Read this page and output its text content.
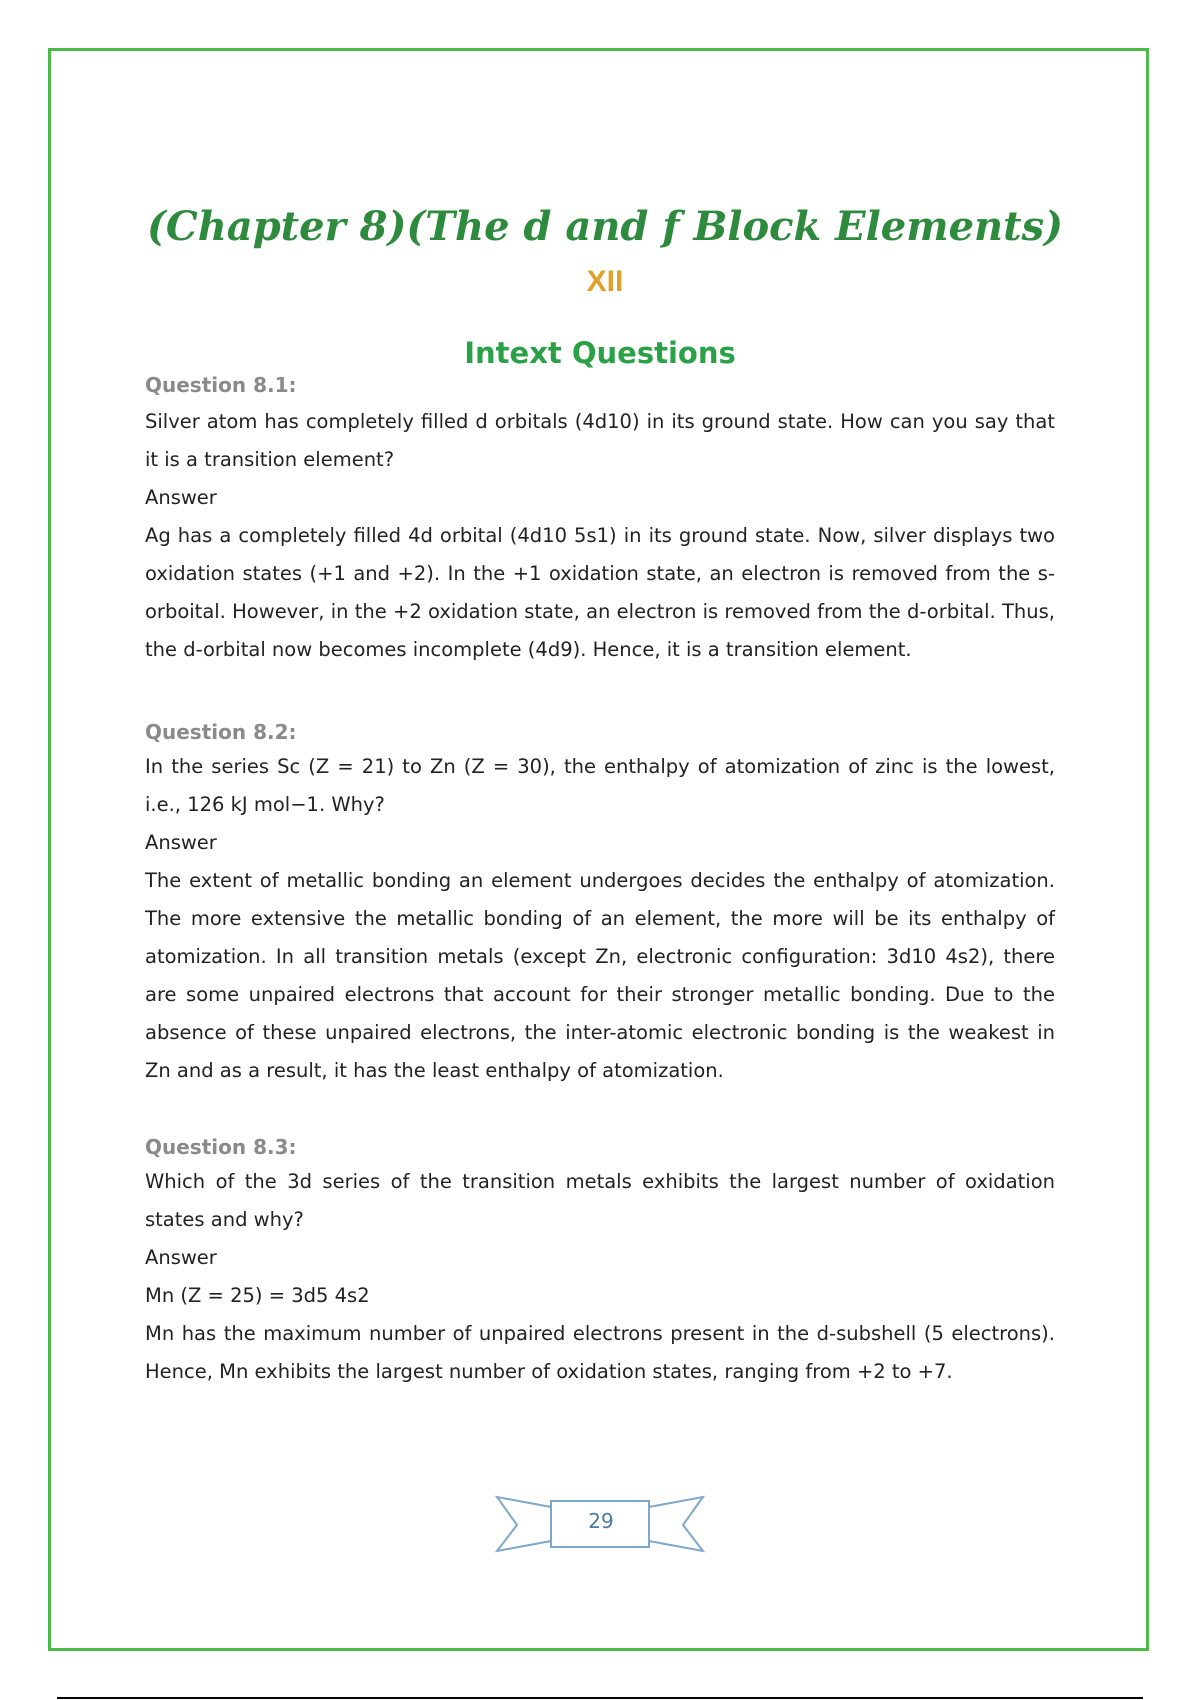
(Chapter 8)(The d and f Block Elements)
XII
Intext Questions

Question 8.1:

Silver atom has completely filled d orbitals (4d10) in its ground state. How can you say that it is a transition element?

Answer

Ag has a completely filled 4d orbital (4d10 5s1) in its ground state. Now, silver displays two oxidation states (+1 and +2). In the +1 oxidation state, an electron is removed from the s-orboital. However, in the +2 oxidation state, an electron is removed from the d-orbital. Thus, the d-orbital now becomes incomplete (4d9). Hence, it is a transition element.

Question 8.2:

In the series Sc (Z = 21) to Zn (Z = 30), the enthalpy of atomization of zinc is the lowest, i.e., 126 kJ mol−1. Why?

Answer

The extent of metallic bonding an element undergoes decides the enthalpy of atomization. The more extensive the metallic bonding of an element, the more will be its enthalpy of atomization. In all transition metals (except Zn, electronic configuration: 3d10 4s2), there are some unpaired electrons that account for their stronger metallic bonding. Due to the absence of these unpaired electrons, the inter-atomic electronic bonding is the weakest in Zn and as a result, it has the least enthalpy of atomization.

Question 8.3:

Which of the 3d series of the transition metals exhibits the largest number of oxidation states and why?

Answer

Mn (Z = 25) = 3d5 4s2

Mn has the maximum number of unpaired electrons present in the d-subshell (5 electrons). Hence, Mn exhibits the largest number of oxidation states, ranging from +2 to +7.

29
